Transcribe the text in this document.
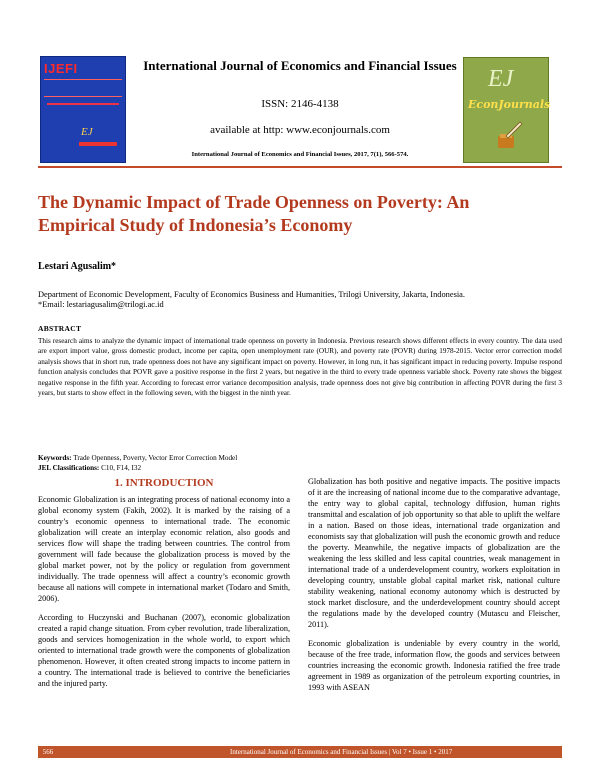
IJEFI
EJ
International Journal of Economics and Financial Issues
ISSN: 2146-4138
available at http: www.econjournals.com
International Journal of Economics and Financial Issues, 2017, 7(1), 566-574.
EJ
EconJournals
The Dynamic Impact of Trade Openness on Poverty: An Empirical Study of Indonesia’s Economy
Lestari Agusalim*
Department of Economic Development, Faculty of Economics Business and Humanities, Trilogi University, Jakarta, Indonesia.
*Email: lestariagusalim@trilogi.ac.id
ABSTRACT
This research aims to analyze the dynamic impact of international trade openness on poverty in Indonesia. Previous research shows different effects in every country. The data used are export import value, gross domestic product, income per capita, open unemployment rate (OUR), and poverty rate (POVR) during 1978-2015. Vector error correction model analysis shows that in short run, trade openness does not have any significant impact on poverty. However, in long run, it has significant impact in reducing poverty. Impulse respond function analysis concludes that POVR gave a positive response in the first 2 years, but negative in the third to every trade openness variable shock. Poverty rate shows the biggest negative response in the fifth year. According to forecast error variance decomposition analysis, trade openness does not give big contribution in affecting POVR during the first 3 years, but starts to show effect in the following seven, with the biggest in the ninth year.
Keywords: Trade Openness, Poverty, Vector Error Correction Model
JEL Classifications: C10, F14, I32
1. INTRODUCTION

Economic Globalization is an integrating process of national economy into a global economy system (Fakih, 2002). It is marked by the raising of a country’s economic openness to international trade. The economic globalization will create an interplay economic relation, also goods and services flow will shape the trading between countries. The control from government will fade because the globalization process is moved by the global market power, not by the policy or regulation from government individually. The trade openness will affect a country’s economic growth because all nations will compete in international market (Todaro and Smith, 2006).

According to Huczynski and Buchanan (2007), economic globalization created a rapid change situation. From cyber revolution, trade liberalization, goods and services homogenization in the whole world, to export which oriented to international trade growth were the components of globalization phenomenon. However, it often created strong impacts to income pattern in a country. The international trade is believed to contrive the beneficiaries and the injured party.

Globalization has both positive and negative impacts. The positive impacts of it are the increasing of national income due to the comparative advantage, the entry way to global capital, technology diffusion, human rights transmittal and escalation of job opportunity so that able to uplift the welfare in a nation. Based on those ideas, international trade organization and economists say that globalization will push the economic growth and reduce the poverty. Meanwhile, the negative impacts of globalization are the weakening the less skilled and less capital countries, weak management in international trade of a underdevelopment country, workers exploitation in developing country, unstable global capital market risk, national culture stability weakening, national economy autonomy which is destructed by stock market disclosure, and the underdevelopment country should accept the regulations made by the developed country (Mutascu and Fleischer, 2011).

Economic globalization is undeniable by every country in the world, because of the free trade, information flow, the goods and services between countries increasing the economic growth. Indonesia ratified the free trade agreement in 1989 as organization of the petroleum exporting countries, in 1993 with ASEAN

566	International Journal of Economics and Financial Issues | Vol 7 • Issue 1 • 2017
